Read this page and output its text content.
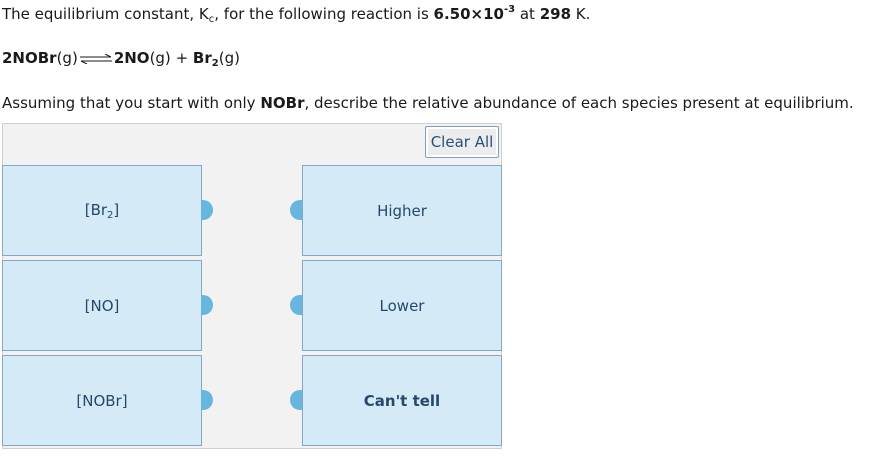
The equilibrium constant, $K_c$, for the following reaction is $6.50\times 10^{-3}$ at 298 K.
2NOBr(g)⇌2NO(g) + $Br_2(g)$
Assuming that you start with only NOBr, describe the relative abundance of each species present at equilibrium.
Clear All
$[Br_2]$
[NO]
[NOBr]
Higher
Lower
Can't tell
